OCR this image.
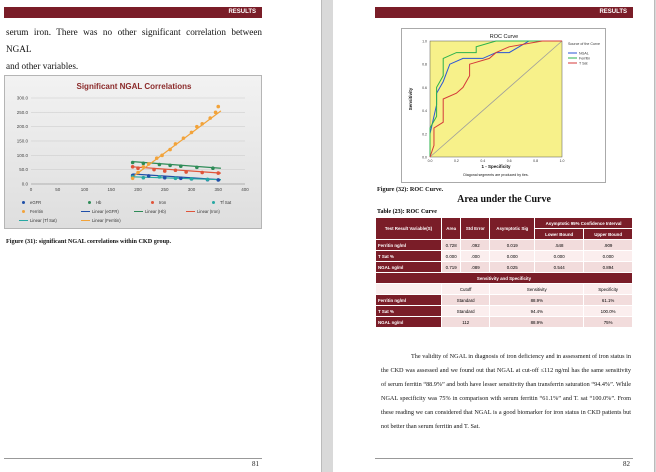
RESULTS
serum iron. There was no other significant correlation between NGAL
and other variables.
Significant NGAL Correlations
0.0
50.0
100.0
150.0
200.0
250.0
300.0
0	50	100	150	200	250	300	350	400
eGFR	Hb	Iron	Tf Sat
Ferritin	Linear (eGFR)	Linear (Hb)	Linear (Iron)
Linear (Tf Sat)	Linear (Ferritin)
Figure (31): significant NGAL correlations within CKD group.
81
RESULTS
ROC Curve
0.0
0.2
0.4
0.6
0.8
1.0
0.0	0.2	0.4	0.6	0.8	1.0
1 - Specificity
Diagonal segments are produced by ties.
Sensitivity
Source of the Curve
NGAL
Ferritin
T Sat
Figure (32): ROC Curve.
Area under the Curve
Table (23): ROC Curve
Test Result Variable(S)	Area	Std Error	Asymptotic Sig	Asymptotic 95% Confidence Interval	
				Lower Bound	Upper Bound
Ferritin ng/ml	0.728	.092	0.019	.548	.909
T Sat %	0.000	.000	0.000	0.000	0.000
NGAL ng/ml	0.719	.089	0.025	0.544	0.894
Sensitivity and Specificity					
	Cutoff		Sensitivity		Specificity
Ferritin ng/ml	Standard		88.9%		61.1%
T Sat %	Standard		94.4%		100.0%
NGAL ng/ml	112		88.9%		75%
The validity of NGAL in diagnosis of iron deficiency and in assessment of iron status in the CKD was assessed and we found out that NGAL at cut-off ≤112 ng/ml has the same sensitivity of serum ferritin “88.9%” and both have lesser sensitivity than transferrin saturation “94.4%”. While NGAL specificity was 75% in comparison with serum ferritin “61.1%” and T. sat “100.0%”. From these reading we can considered that NGAL is a good biomarker for iron status in CKD patients but not better than serum ferritin and T. Sat.
82
